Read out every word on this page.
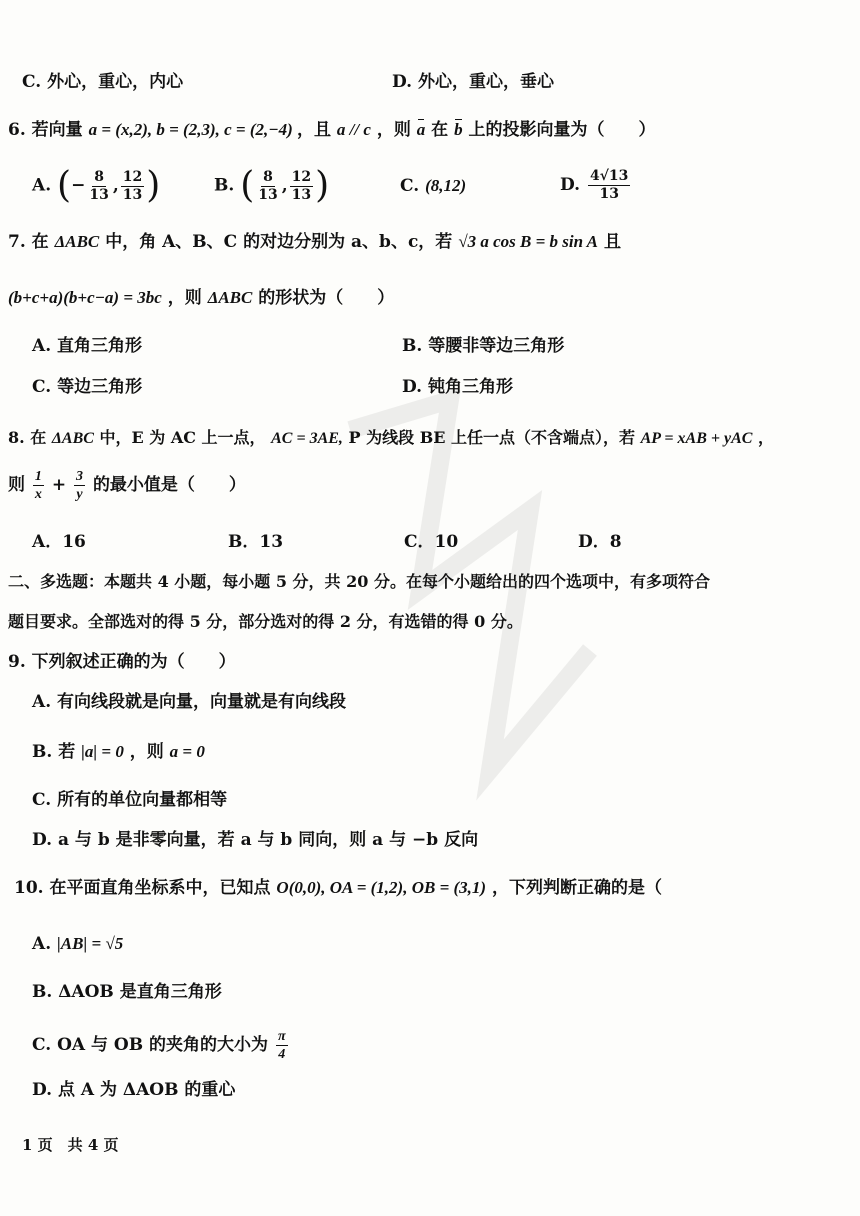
C. 外心，重心，内心	D. 外心，重心，垂心
6. 若向量 a = (x,2), b = (2,3), c = (2,−4) ，且 a // c ，则 a 在 b 上的投影向量为（　　）
A. (− $\frac{8}{13}$ , $\frac{12}{13}$ )	B. ( $\frac{8}{13}$ , $\frac{12}{13}$ )	C. (8,12)	D. $\frac{4√13}{13}$
7. 在 ΔABC 中，角 A、B、C 的对边分别为 a、b、c，若 √3 a cos B = b sin A 且
(b+c+a)(b+c−a) = 3bc ，则 ΔABC 的形状为（　　）
A. 直角三角形	B. 等腰非等边三角形
C. 等边三角形	D. 钝角三角形
8. 在 ΔABC 中，E 为 AC 上一点， AC = 3AE, P 为线段 BE 上任一点（不含端点），若 AP = xAB + yAC ，
则 $\frac{1}{x} + \frac{3}{y}$ 的最小值是（　　）
A．16	B．13	C．10	D．8
二、多选题：本题共 4 小题，每小题 5 分，共 20 分。在每个小题给出的四个选项中，有多项符合
题目要求。全部选对的得 5 分，部分选对的得 2 分，有选错的得 0 分。
9. 下列叙述正确的为（　　）
A. 有向线段就是向量，向量就是有向线段
B. 若 |a| = 0 ，则 a = 0
C. 所有的单位向量都相等
D. a 与 b 是非零向量，若 a 与 b 同向，则 a 与 −b 反向
10. 在平面直角坐标系中，已知点 O(0,0), OA = (1,2), OB = (3,1) ，下列判断正确的是（
A. |AB| = √5
B. ΔAOB 是直角三角形
C. OA 与 OB 的夹角的大小为 $\frac{\pi}{4}$
D. 点 A 为 ΔAOB 的重心
1 页　共 4 页
